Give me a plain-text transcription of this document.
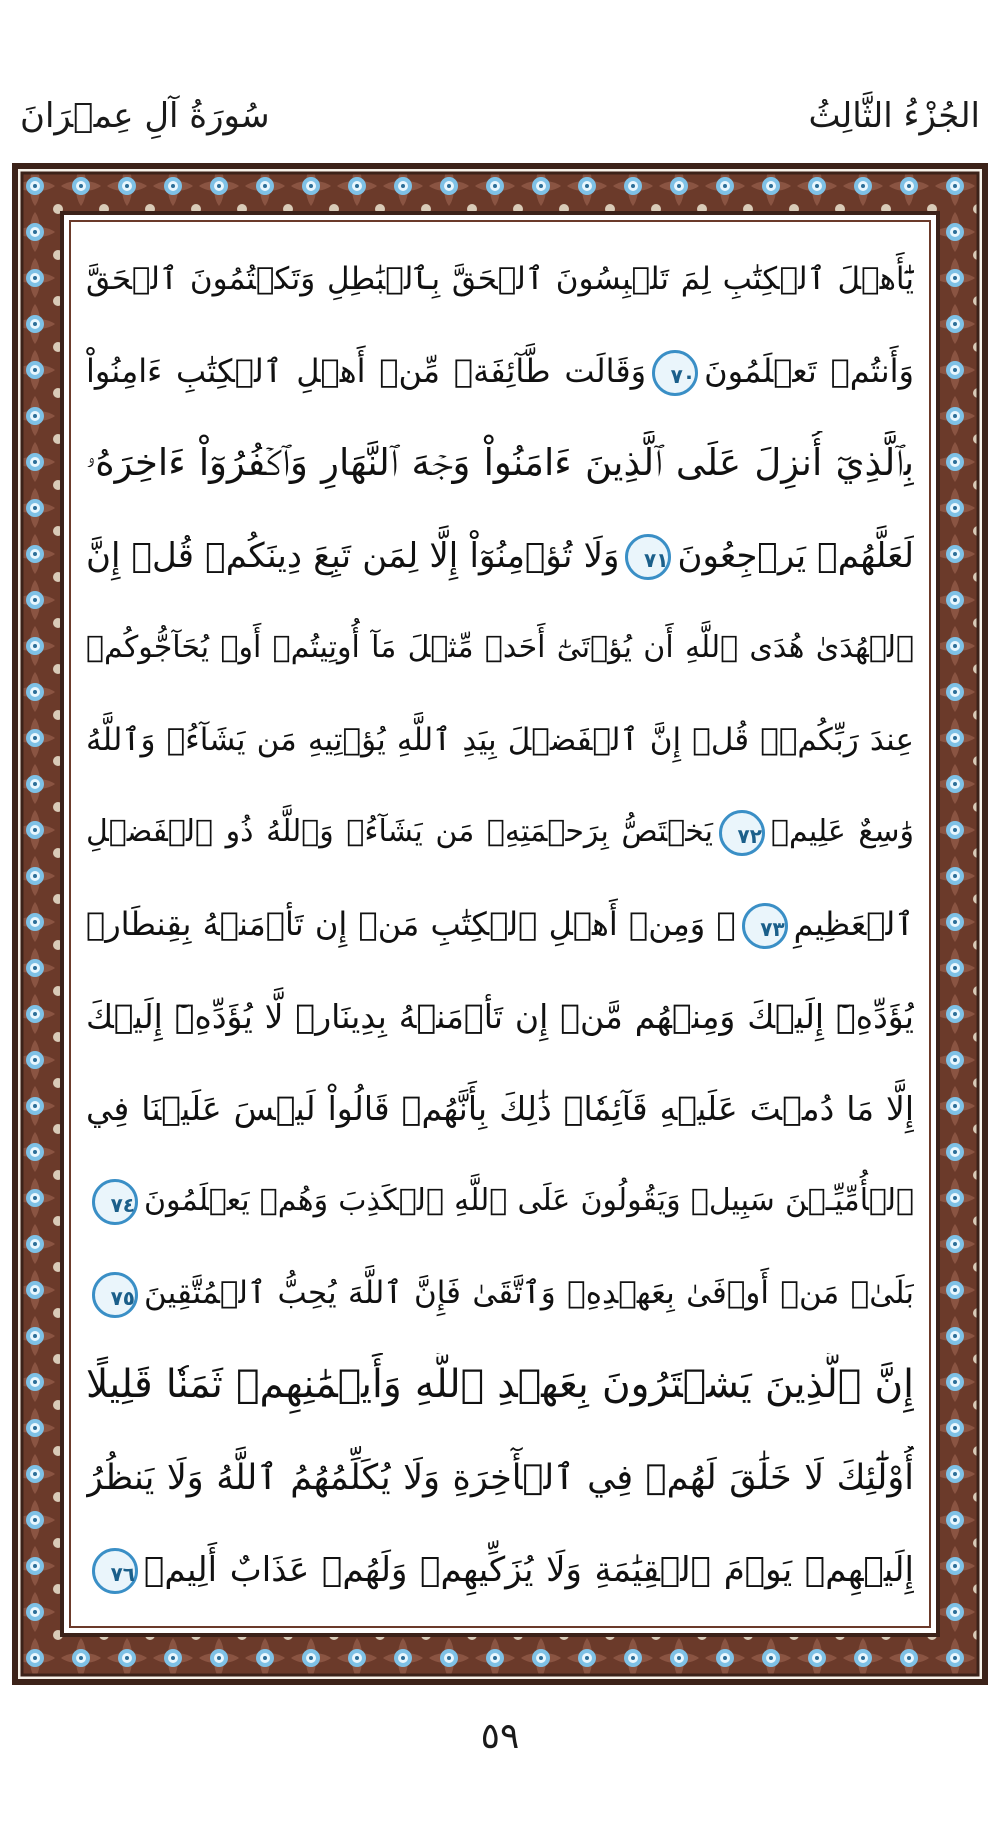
الجُزْءُ الثَّالِثُ
سُورَةُ آلِ عِمۡرَانَ
يَٰٓأَهۡلَ ٱلۡكِتَٰبِ لِمَ تَلۡبِسُونَ ٱلۡحَقَّ بِٱلۡبَٰطِلِ وَتَكۡتُمُونَ ٱلۡحَقَّ
وَأَنتُمۡ تَعۡلَمُونَ٧٠وَقَالَت طَّآئِفَةٞ مِّنۡ أَهۡلِ ٱلۡكِتَٰبِ ءَامِنُواْ
بِٱلَّذِيٓ أُنزِلَ عَلَى ٱلَّذِينَ ءَامَنُواْ وَجۡهَ ٱلنَّهَارِ وَٱكۡفُرُوٓاْ ءَاخِرَهُۥ
لَعَلَّهُمۡ يَرۡجِعُونَ٧١وَلَا تُؤۡمِنُوٓاْ إِلَّا لِمَن تَبِعَ دِينَكُمۡ قُلۡ إِنَّ
ٱلۡهُدَىٰ هُدَى ٱللَّهِ أَن يُؤۡتَىٰٓ أَحَدٞ مِّثۡلَ مَآ أُوتِيتُمۡ أَوۡ يُحَآجُّوكُمۡ
عِندَ رَبِّكُمۡۗ قُلۡ إِنَّ ٱلۡفَضۡلَ بِيَدِ ٱللَّهِ يُؤۡتِيهِ مَن يَشَآءُۗ وَٱللَّهُ
وَٰسِعٌ عَلِيمٞ٧٢يَخۡتَصُّ بِرَحۡمَتِهِۦ مَن يَشَآءُۗ وَٱللَّهُ ذُو ٱلۡفَضۡلِ
ٱلۡعَظِيمِ٧٣۞ وَمِنۡ أَهۡلِ ٱلۡكِتَٰبِ مَنۡ إِن تَأۡمَنۡهُ بِقِنطَارٖ
يُؤَدِّهِۦٓ إِلَيۡكَ وَمِنۡهُم مَّنۡ إِن تَأۡمَنۡهُ بِدِينَارٖ لَّا يُؤَدِّهِۦٓ إِلَيۡكَ
إِلَّا مَا دُمۡتَ عَلَيۡهِ قَآئِمٗاۗ ذَٰلِكَ بِأَنَّهُمۡ قَالُواْ لَيۡسَ عَلَيۡنَا فِي
ٱلۡأُمِّيِّـۧنَ سَبِيلٞ وَيَقُولُونَ عَلَى ٱللَّهِ ٱلۡكَذِبَ وَهُمۡ يَعۡلَمُونَ٧٤
بَلَىٰۚ مَنۡ أَوۡفَىٰ بِعَهۡدِهِۦ وَٱتَّقَىٰ فَإِنَّ ٱللَّهَ يُحِبُّ ٱلۡمُتَّقِينَ٧٥
إِنَّ ٱلَّذِينَ يَشۡتَرُونَ بِعَهۡدِ ٱللَّهِ وَأَيۡمَٰنِهِمۡ ثَمَنٗا قَلِيلًا
أُوْلَٰٓئِكَ لَا خَلَٰقَ لَهُمۡ فِي ٱلۡأٓخِرَةِ وَلَا يُكَلِّمُهُمُ ٱللَّهُ وَلَا يَنظُرُ
إِلَيۡهِمۡ يَوۡمَ ٱلۡقِيَٰمَةِ وَلَا يُزَكِّيهِمۡ وَلَهُمۡ عَذَابٌ أَلِيمٞ٧٦
٥٩
